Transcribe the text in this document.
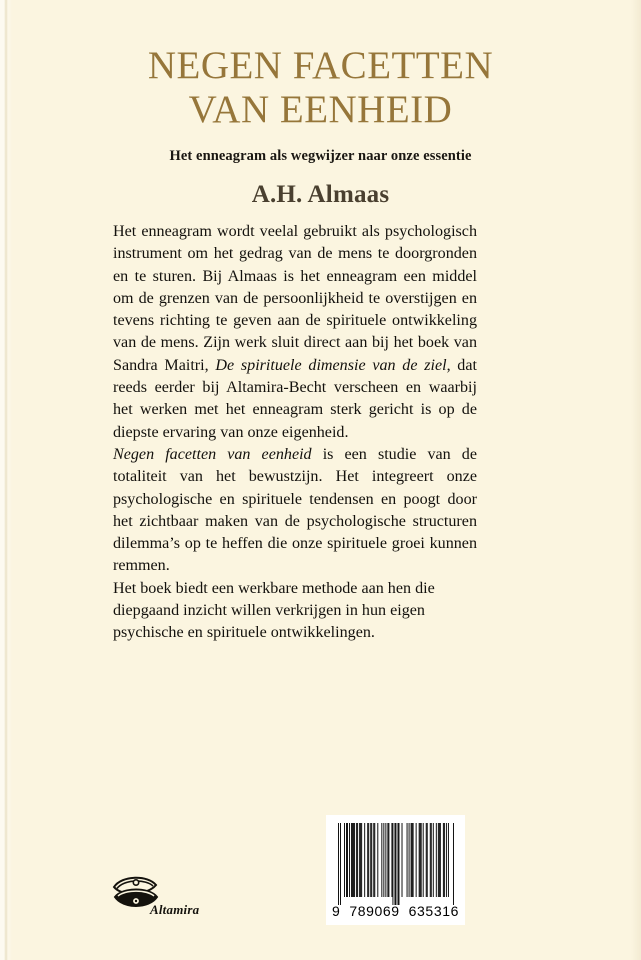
NEGEN FACETTEN
VAN EENHEID

Het enneagram als wegwijzer naar onze essentie

A.H. Almaas

Het enneagram wordt veelal gebruikt als psychologisch instrument om het gedrag van de mens te doorgronden en te sturen. Bij Almaas is het enneagram een middel om de grenzen van de persoonlijkheid te overstijgen en tevens richting te geven aan de spirituele ontwikkeling van de mens. Zijn werk sluit direct aan bij het boek van Sandra Maitri, De spirituele dimensie van de ziel, dat reeds eerder bij Altamira-Becht verscheen en waarbij het werken met het enneagram sterk gericht is op de diepste ervaring van onze eigenheid.

Negen facetten van eenheid is een studie van de totaliteit van het bewustzijn. Het integreert onze psychologische en spirituele tendensen en poogt door het zichtbaar maken van de psychologische structuren dilemma’s op te heffen die onze spirituele groei kunnen remmen.

Het boek biedt een werkbare methode aan hen die diepgaand inzicht willen verkrijgen in hun eigen psychische en spirituele ontwikkelingen.

Altamira	9  789069  635316
